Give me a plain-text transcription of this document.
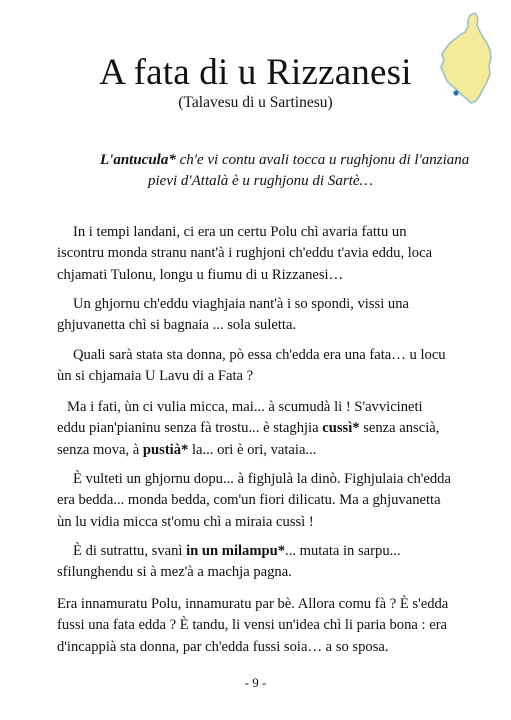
A fata di u Rizzanesi
(Talavesu di u Sartinesu)
L'antucula* ch'e vi contu avali tocca u rughjonu di l'anziana
pievi d'Attalà è u rughjonu di Sartè…
In i tempi landani, ci era un certu Polu chì avaria fattu un
iscontru monda stranu nant'à i rughjoni ch'eddu t'avia eddu, loca
chjamati Tulonu, longu u fiumu di u Rizzanesi…
Un ghjornu ch'eddu viaghjaia nant'à i so spondi, vissi una
ghjuvanetta chì si bagnaia ... sola suletta.
Quali sarà stata sta donna, pò essa ch'edda era una fata… u locu
ùn si chjamaia U Lavu di a Fata ?
Ma i fati, ùn ci vulia micca, mai... à scumudà li ! S'avvicineti
eddu pian'pianinu senza fà trostu... è staghjia cussì* senza anscià,
senza mova, à pustià* la... ori è ori, vataia...
È vulteti un ghjornu dopu... à fighjulà la dinò. Fighjulaia ch'edda
era bedda... monda bedda, com'un fiori dilicatu. Ma a ghjuvanetta
ùn lu vidia micca st'omu chì a miraia cussì !
È di sutrattu, svanì in un milampu*... mutata in sarpu...
sfilunghendu si à mez'à a machja pagna.
Era innamuratu Polu, innamuratu par bè. Allora comu fà ? È s'edda
fussi una fata edda ? È tandu, li vensi un'idea chì li paria bona : era
d'incappià sta donna, par ch'edda fussi soia… a so sposa.
- 9 -
